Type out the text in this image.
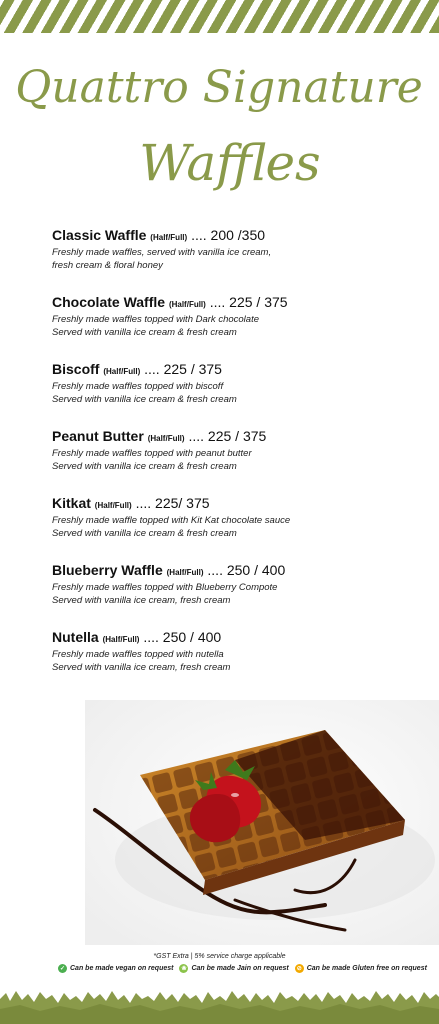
Quattro Signature
Waffles
Classic Waffle (Half/Full) .... 200 /350
Freshly made waffles, served with vanilla ice cream,
fresh cream & floral honey
Chocolate Waffle (Half/Full) .... 225 / 375
Freshly made waffles topped with Dark chocolate
Served with vanilla ice cream & fresh cream
Biscoff (Half/Full) .... 225 / 375
Freshly made waffles topped with biscoff
Served with vanilla ice cream & fresh cream
Peanut Butter (Half/Full) .... 225 / 375
Freshly made waffles topped with peanut butter
Served with vanilla ice cream & fresh cream
Kitkat (Half/Full) .... 225/ 375
Freshly made waffle topped with Kit Kat chocolate sauce
Served with vanilla ice cream & fresh cream
Blueberry Waffle (Half/Full) .... 250 / 400
Freshly made waffles topped with Blueberry Compote
Served with vanilla ice cream, fresh cream
Nutella (Half/Full) .... 250 / 400
Freshly made waffles topped with nutella
Served with vanilla ice cream, fresh cream
*GST Extra | 5% service charge applicable
✓ Can be made vegan on request	❀ Can be made Jain on request	⊘ Can be made Gluten free on request
